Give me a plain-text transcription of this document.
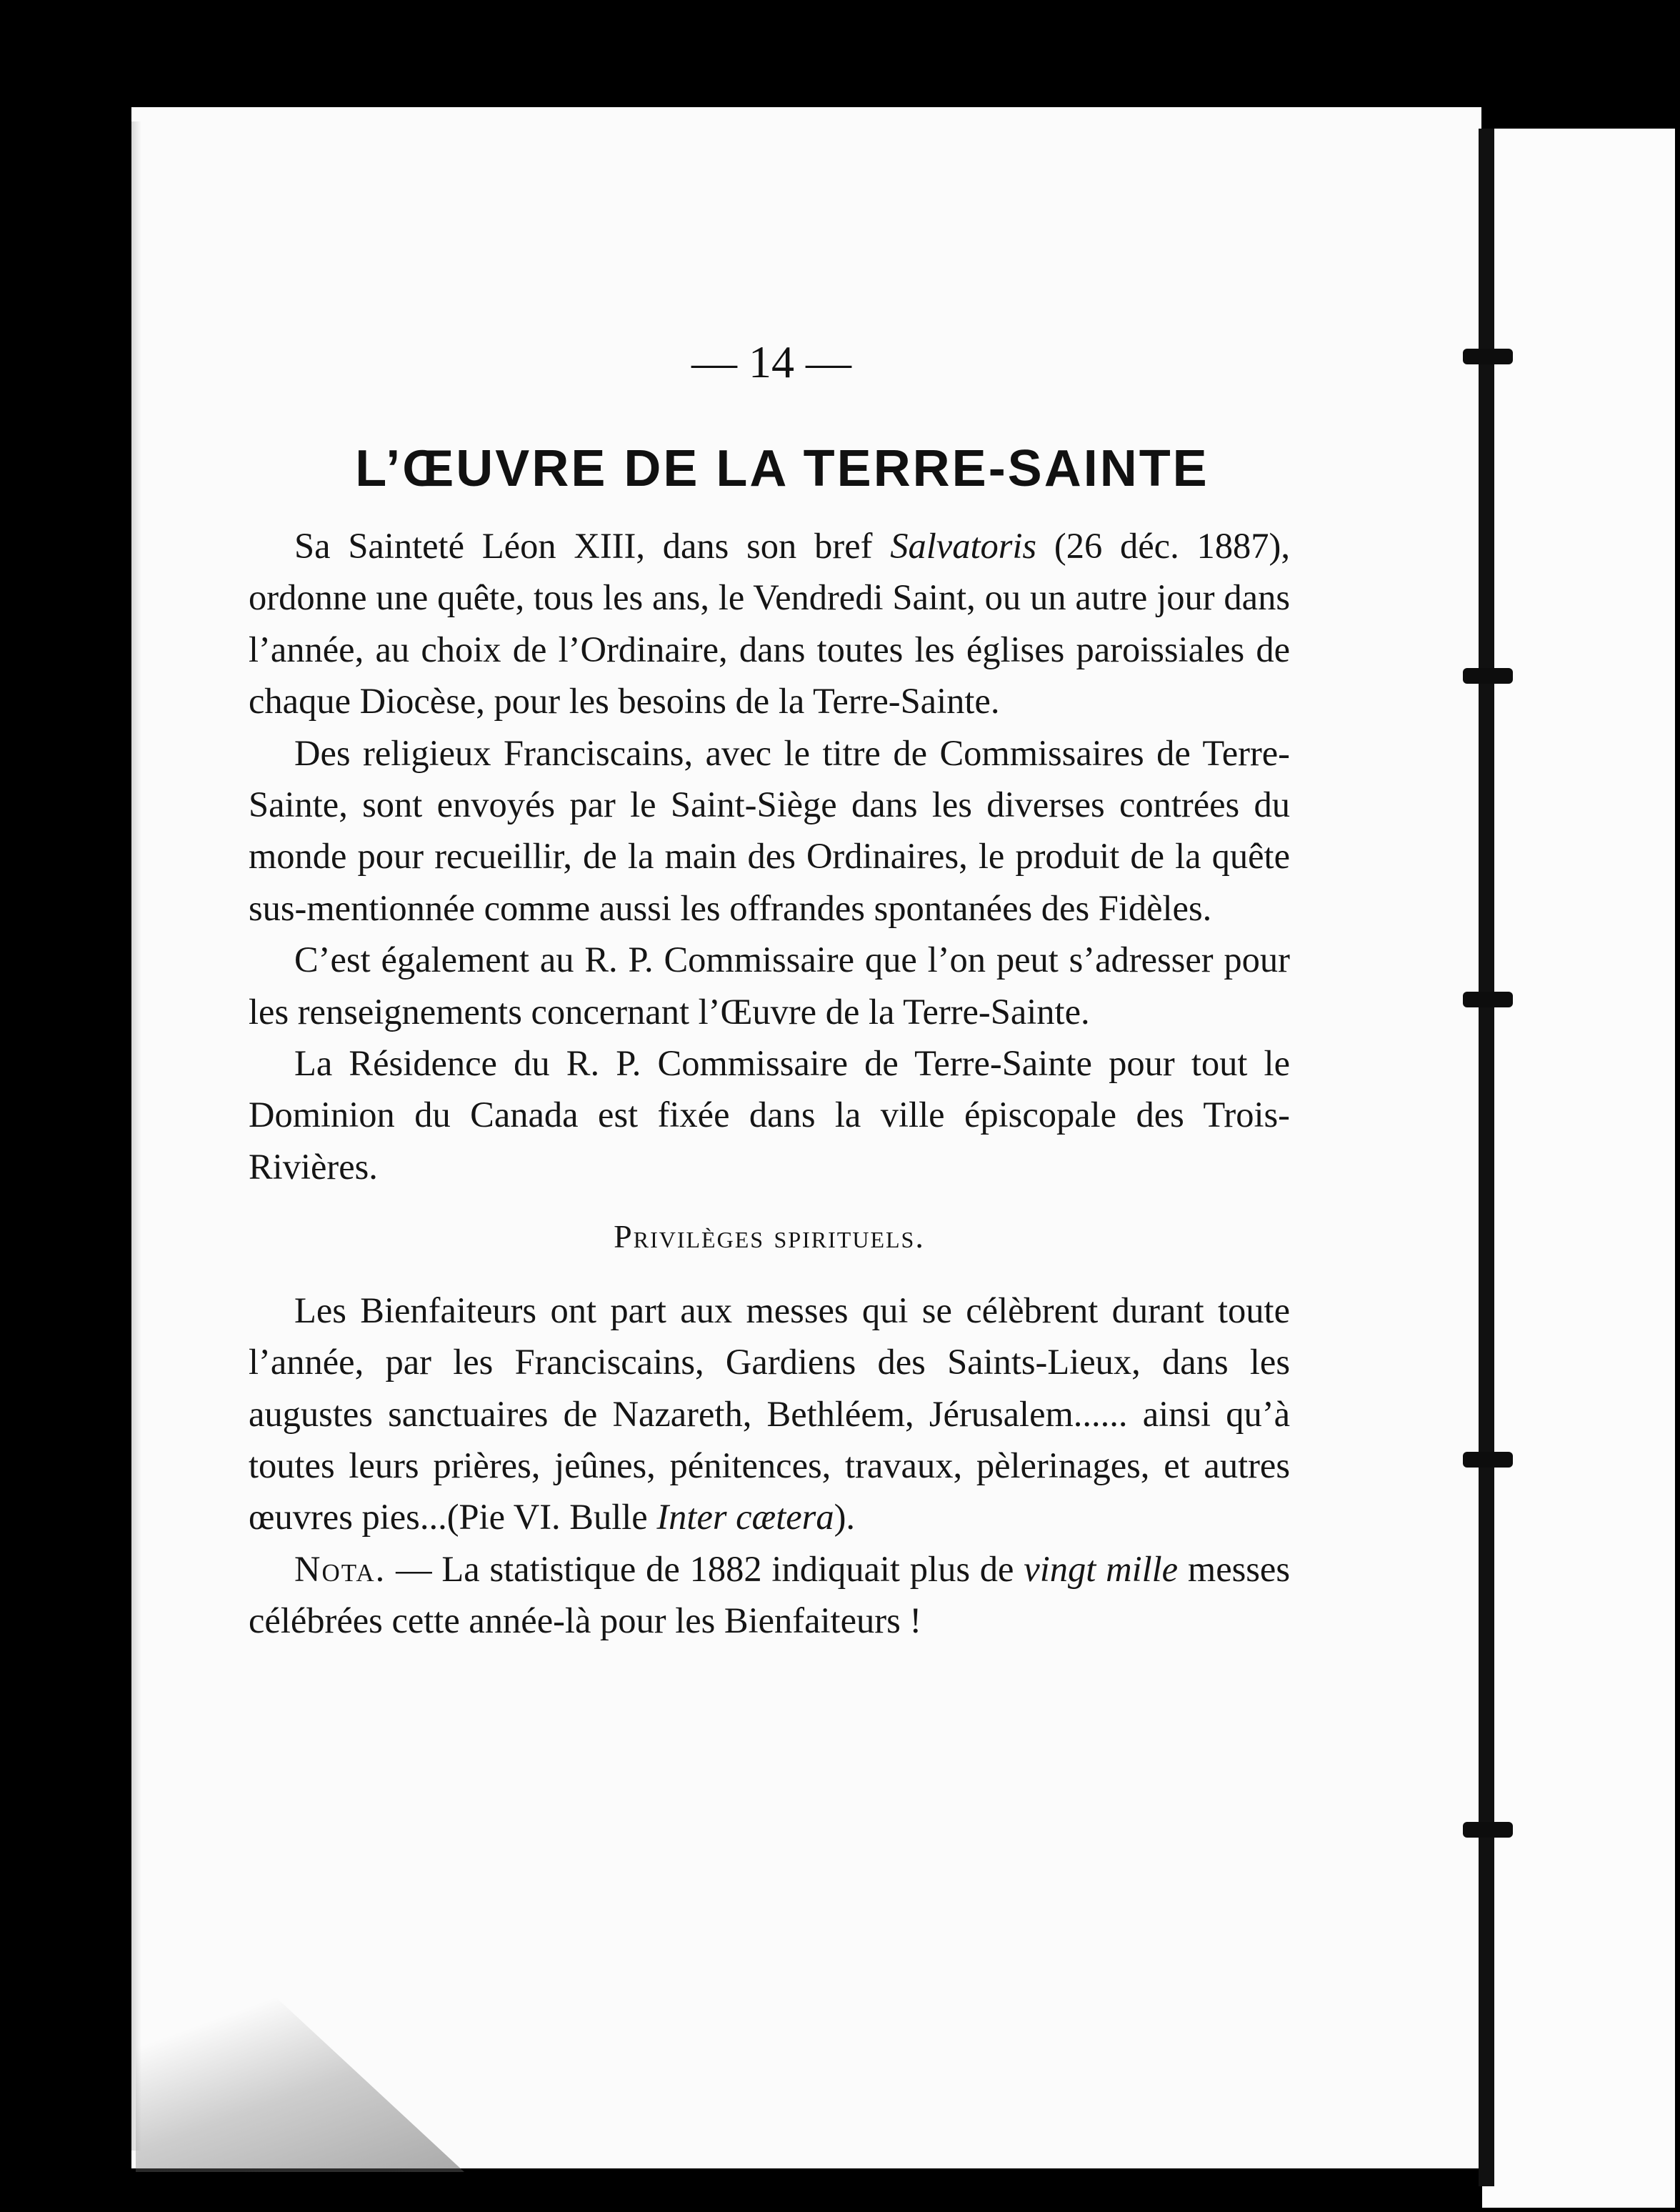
— 14 —
L’ŒUVRE DE LA TERRE-SAINTE

Sa Sainteté Léon XIII, dans son bref Salvatoris (26 déc. 1887), ordonne une quête, tous les ans, le Vendredi Saint, ou un autre jour dans l’année, au choix de l’Ordinaire, dans toutes les églises paroissiales de chaque Diocèse, pour les besoins de la Terre-Sainte.

Des religieux Franciscains, avec le titre de Commissaires de Terre-Sainte, sont envoyés par le Saint-Siège dans les diverses contrées du monde pour recueillir, de la main des Ordinaires, le produit de la quête sus-mentionnée comme aussi les offrandes spontanées des Fidèles.

C’est également au R. P. Commissaire que l’on peut s’adresser pour les renseignements concernant l’Œuvre de la Terre-Sainte.

La Résidence du R. P. Commissaire de Terre-Sainte pour tout le Dominion du Canada est fixée dans la ville épiscopale des Trois-Rivières.

Privilèges spirituels.

Les Bienfaiteurs ont part aux messes qui se célèbrent durant toute l’année, par les Franciscains, Gardiens des Saints-Lieux, dans les augustes sanctuaires de Nazareth, Bethléem, Jérusalem...... ainsi qu’à toutes leurs prières, jeûnes, pénitences, travaux, pèlerinages, et autres œuvres pies...(Pie VI. Bulle Inter cætera).

Nota. — La statistique de 1882 indiquait plus de vingt mille messes célébrées cette année-là pour les Bienfaiteurs !
